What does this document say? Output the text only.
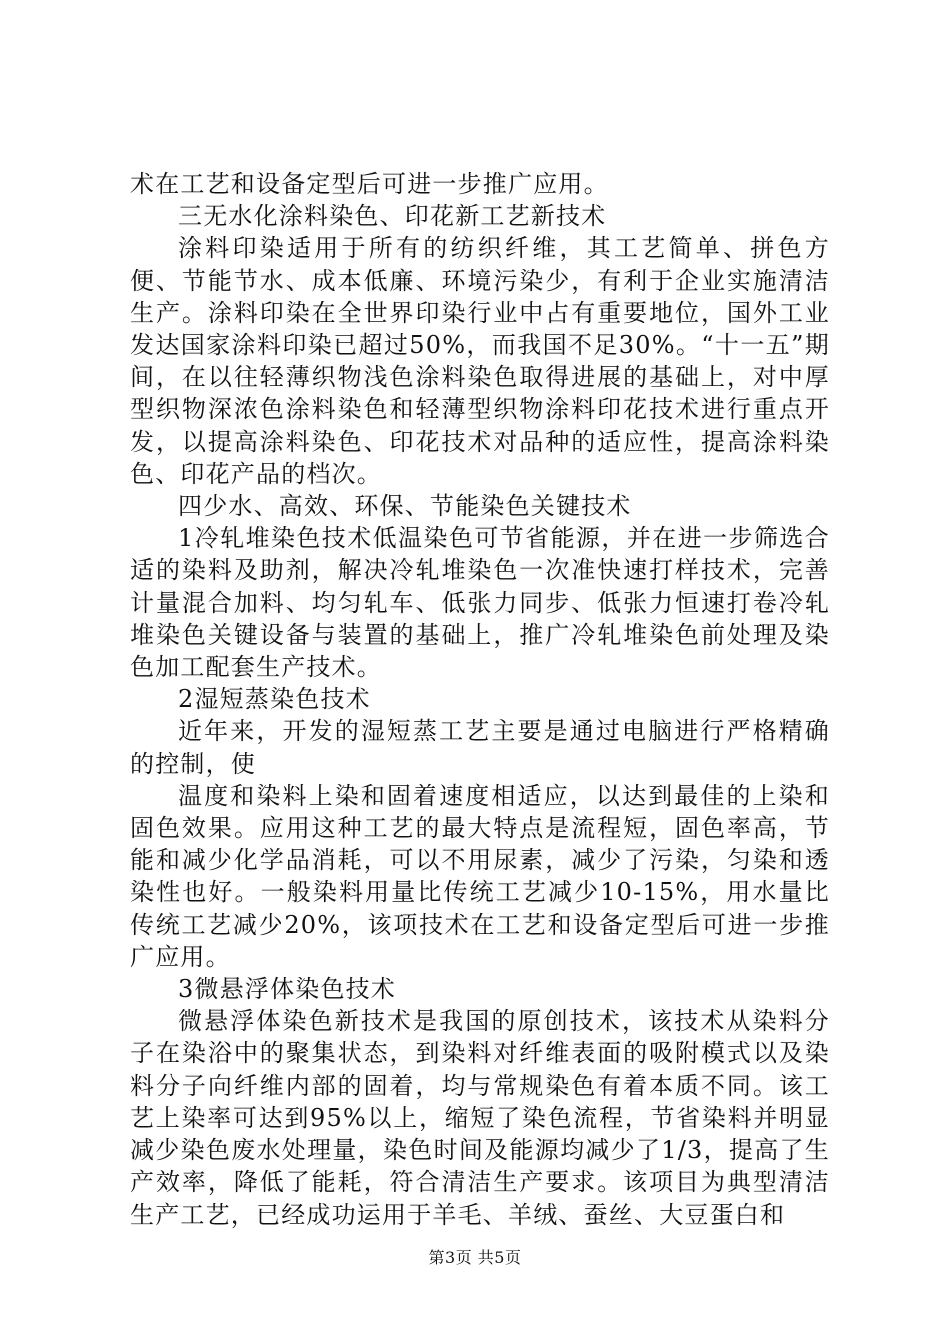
术在工艺和设备定型后可进一步推广应用。

三无水化涂料染色、印花新工艺新技术

涂料印染适用于所有的纺织纤维，其工艺简单、拼色方便、节能节水、成本低廉、环境污染少，有利于企业实施清洁生产。涂料印染在全世界印染行业中占有重要地位，国外工业发达国家涂料印染已超过50%，而我国不足30%。“十一五”期间，在以往轻薄织物浅色涂料染色取得进展的基础上，对中厚型织物深浓色涂料染色和轻薄型织物涂料印花技术进行重点开发，以提高涂料染色、印花技术对品种的适应性，提高涂料染色、印花产品的档次。

四少水、高效、环保、节能染色关键技术

1冷轧堆染色技术低温染色可节省能源，并在进一步筛选合适的染料及助剂，解决冷轧堆染色一次准快速打样技术，完善计量混合加料、均匀轧车、低张力同步、低张力恒速打卷冷轧堆染色关键设备与装置的基础上，推广冷轧堆染色前处理及染色加工配套生产技术。

2湿短蒸染色技术

近年来，开发的湿短蒸工艺主要是通过电脑进行严格精确的控制，使

温度和染料上染和固着速度相适应，以达到最佳的上染和固色效果。应用这种工艺的最大特点是流程短，固色率高，节能和减少化学品消耗，可以不用尿素，减少了污染，匀染和透染性也好。一般染料用量比传统工艺减少10-15%，用水量比传统工艺减少20%，该项技术在工艺和设备定型后可进一步推广应用。

3微悬浮体染色技术

微悬浮体染色新技术是我国的原创技术，该技术从染料分子在染浴中的聚集状态，到染料对纤维表面的吸附模式以及染料分子向纤维内部的固着，均与常规染色有着本质不同。该工艺上染率可达到95%以上，缩短了染色流程，节省染料并明显减少染色废水处理量，染色时间及能源均减少了1/3，提高了生产效率，降低了能耗，符合清洁生产要求。该项目为典型清洁生产工艺，已经成功运用于羊毛、羊绒、蚕丝、大豆蛋白和

第3页 共5页
